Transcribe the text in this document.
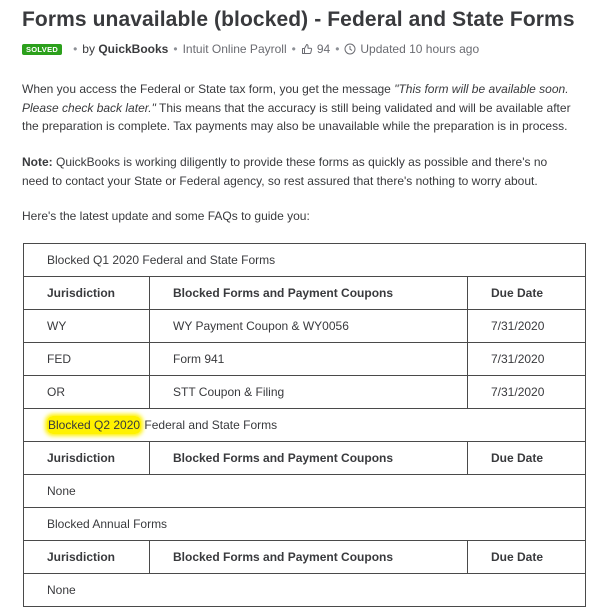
Forms unavailable (blocked) - Federal and State Forms
SOLVED	• by QuickBooks • Intuit Online Payroll • 94 • Updated 10 hours ago

When you access the Federal or State tax form, you get the message "This form will be available soon. Please check back later." This means that the accuracy is still being validated and will be available after the preparation is complete. Tax payments may also be unavailable while the preparation is in process.

Note: QuickBooks is working diligently to provide these forms as quickly as possible and there's no need to contact your State or Federal agency, so rest assured that there's nothing to worry about.

Here's the latest update and some FAQs to guide you:

Blocked Q1 2020 Federal and State Forms		
Jurisdiction	Blocked Forms and Payment Coupons	Due Date
WY	WY Payment Coupon & WY0056	7/31/2020
FED	Form 941	7/31/2020
OR	STT Coupon & Filing	7/31/2020
Blocked Q2 2020 Federal and State Forms		
Jurisdiction	Blocked Forms and Payment Coupons	Due Date
None		
Blocked Annual Forms		
Jurisdiction	Blocked Forms and Payment Coupons	Due Date
None		
